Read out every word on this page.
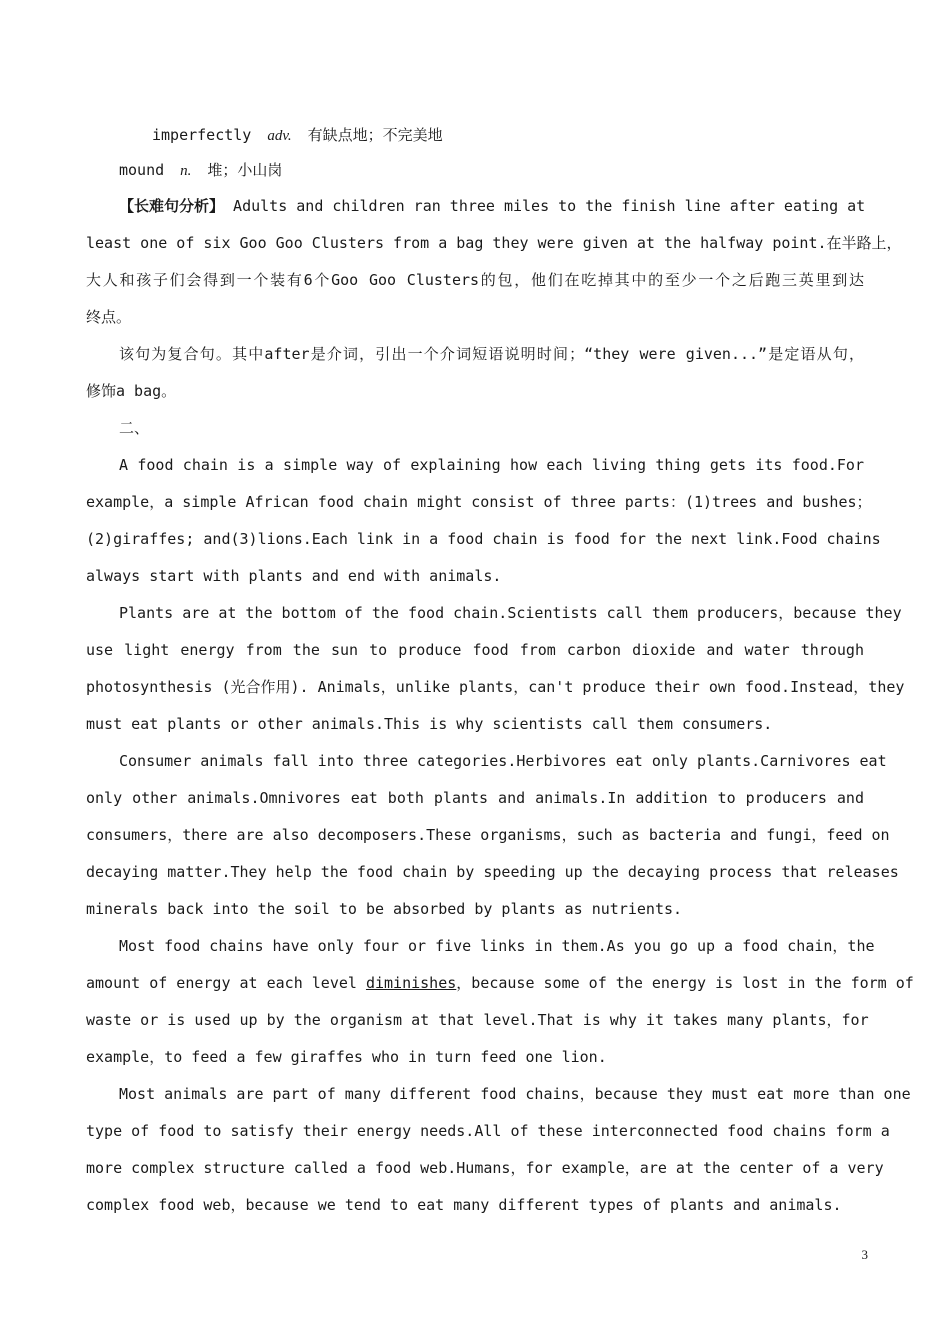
imperfectly adv. 有缺点地；不完美地

mound n. 堆；小山岗

【长难句分析】 Adults and children ran three miles to the finish line after eating at

least one of six Goo Goo Clusters from a bag they were given at the halfway point.在半路上，

大人和孩子们会得到一个装有6个Goo Goo Clusters的包，他们在吃掉其中的至少一个之后跑三英里到达

终点。

该句为复合句。其中after是介词，引出一个介词短语说明时间；“they were given...”是定语从句，

修饰a bag。

二、

A food chain is a simple way of explaining how each living thing gets its food.For

example，a simple African food chain might consist of three parts：(1)trees and bushes；

(2)giraffes; and(3)lions.Each link in a food chain is food for the next link.Food chains

always start with plants and end with animals.

Plants are at the bottom of the food chain.Scientists call them producers，because they

use light energy from the sun to produce food from carbon dioxide and water through

photosynthesis (光合作用). Animals，unlike plants，can't produce their own food.Instead，they

must eat plants or other animals.This is why scientists call them consumers.

Consumer animals fall into three categories.Herbivores eat only plants.Carnivores eat

only other animals.Omnivores eat both plants and animals.In addition to producers and

consumers，there are also decomposers.These organisms，such as bacteria and fungi，feed on

decaying matter.They help the food chain by speeding up the decaying process that releases

minerals back into the soil to be absorbed by plants as nutrients.

Most food chains have only four or five links in them.As you go up a food chain，the

amount of energy at each level diminishes，because some of the energy is lost in the form of

waste or is used up by the organism at that level.That is why it takes many plants，for

example，to feed a few giraffes who in turn feed one lion.

Most animals are part of many different food chains，because they must eat more than one

type of food to satisfy their energy needs.All of these interconnected food chains form a

more complex structure called a food web.Humans，for example，are at the center of a very

complex food web，because we tend to eat many different types of plants and animals.

3
